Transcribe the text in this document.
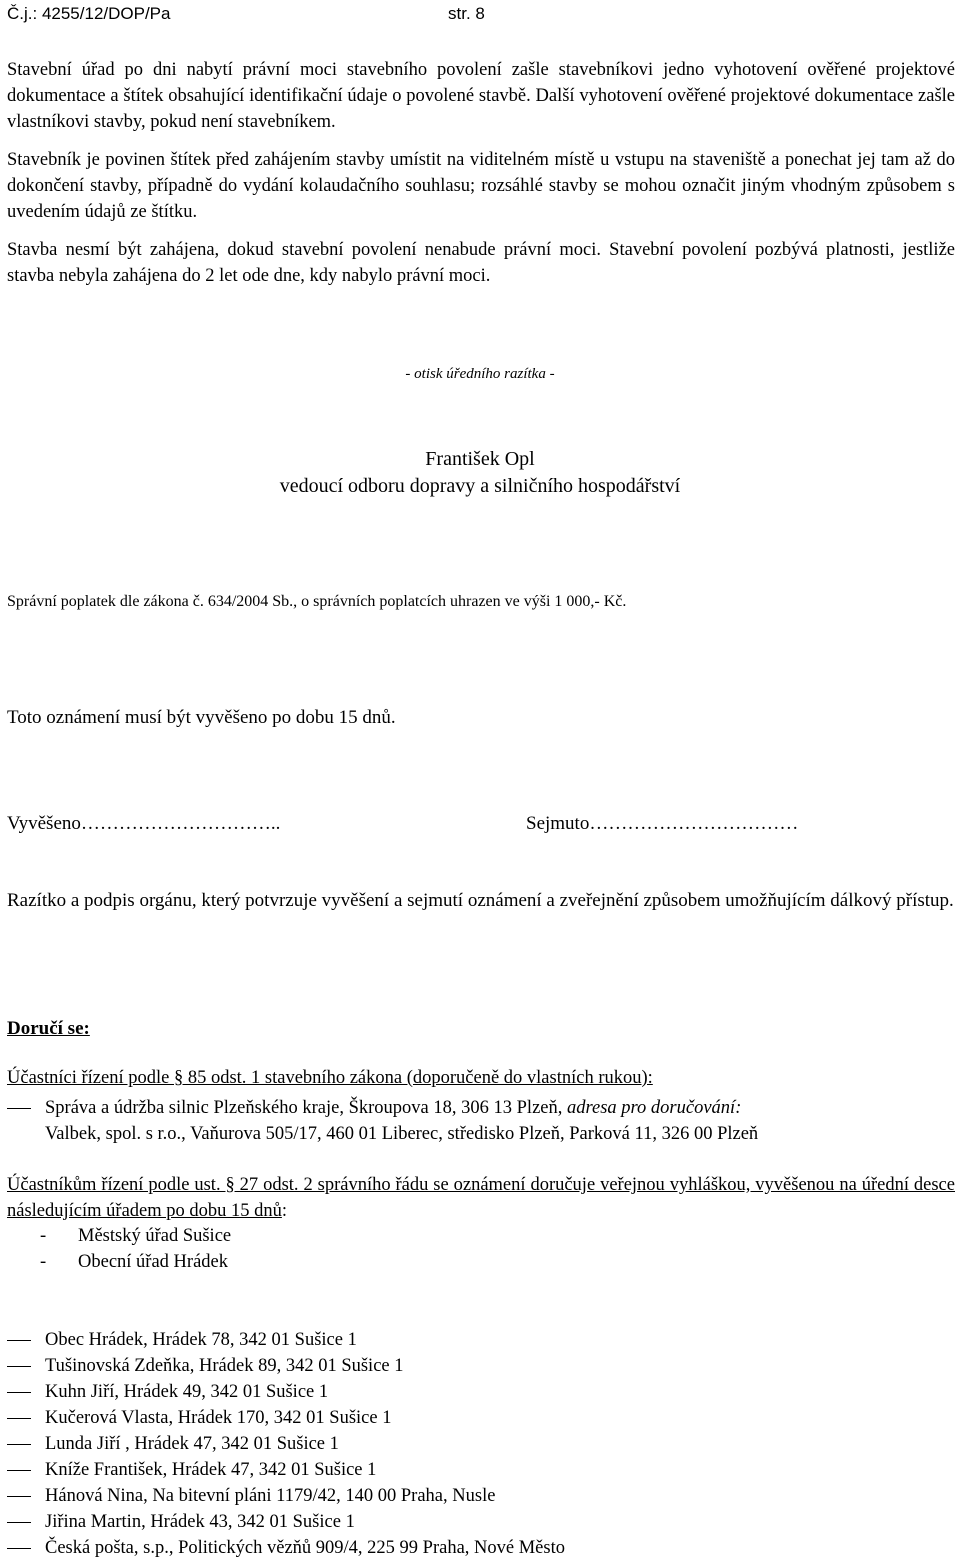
Č.j.: 4255/12/DOP/Pa	str. 8

Stavební úřad po dni nabytí právní moci stavebního povolení zašle stavebníkovi jedno vyhotovení ověřené projektové dokumentace a štítek obsahující identifikační údaje o povolené stavbě. Další vyhotovení ověřené projektové dokumentace zašle vlastníkovi stavby, pokud není stavebníkem.

Stavebník je povinen štítek před zahájením stavby umístit na viditelném místě u vstupu na staveniště a ponechat jej tam až do dokončení stavby, případně do vydání kolaudačního souhlasu; rozsáhlé stavby se mohou označit jiným vhodným způsobem s uvedením údajů ze štítku.

Stavba nesmí být zahájena, dokud stavební povolení nenabude právní moci. Stavební povolení pozbývá platnosti, jestliže stavba nebyla zahájena do 2 let ode dne, kdy nabylo právní moci.

- otisk úředního razítka -
František Opl
vedoucí odboru dopravy a silničního hospodářství
Správní poplatek dle zákona č. 634/2004 Sb., o správních poplatcích uhrazen ve výši 1 000,- Kč.
Toto oznámení musí být vyvěšeno po dobu 15 dnů.
Vyvěšeno…………………………..	Sejmuto……………………………

Razítko a podpis orgánu, který potvrzuje vyvěšení a sejmutí oznámení a zveřejnění způsobem umožňujícím dálkový přístup.

Doručí se:
Účastníci řízení podle § 85 odst. 1 stavebního zákona (doporučeně do vlastních rukou):
Správa a údržba silnic Plzeňského kraje, Škroupova 18, 306 13 Plzeň, adresa pro doručování:
Valbek, spol. s r.o., Vaňurova 505/17, 460 01 Liberec, středisko Plzeň, Parková 11, 326 00 Plzeň
Účastníkům řízení podle ust. § 27 odst. 2 správního řádu se oznámení doručuje veřejnou vyhláškou, vyvěšenou na úřední desce následujícím úřadem po dobu 15 dnů:
- Městský úřad Sušice
- Obecní úřad Hrádek
Obec Hrádek, Hrádek 78, 342 01 Sušice 1
Tušinovská Zdeňka, Hrádek 89, 342 01 Sušice 1
Kuhn Jiří, Hrádek 49, 342 01 Sušice 1
Kučerová Vlasta, Hrádek 170, 342 01 Sušice 1
Lunda Jiří , Hrádek 47, 342 01 Sušice 1
Kníže František, Hrádek 47, 342 01 Sušice 1
Hánová Nina, Na bitevní pláni 1179/42, 140 00 Praha, Nusle
Jiřina Martin, Hrádek 43, 342 01 Sušice 1
Česká pošta, s.p., Politických vězňů 909/4, 225 99 Praha, Nové Město
